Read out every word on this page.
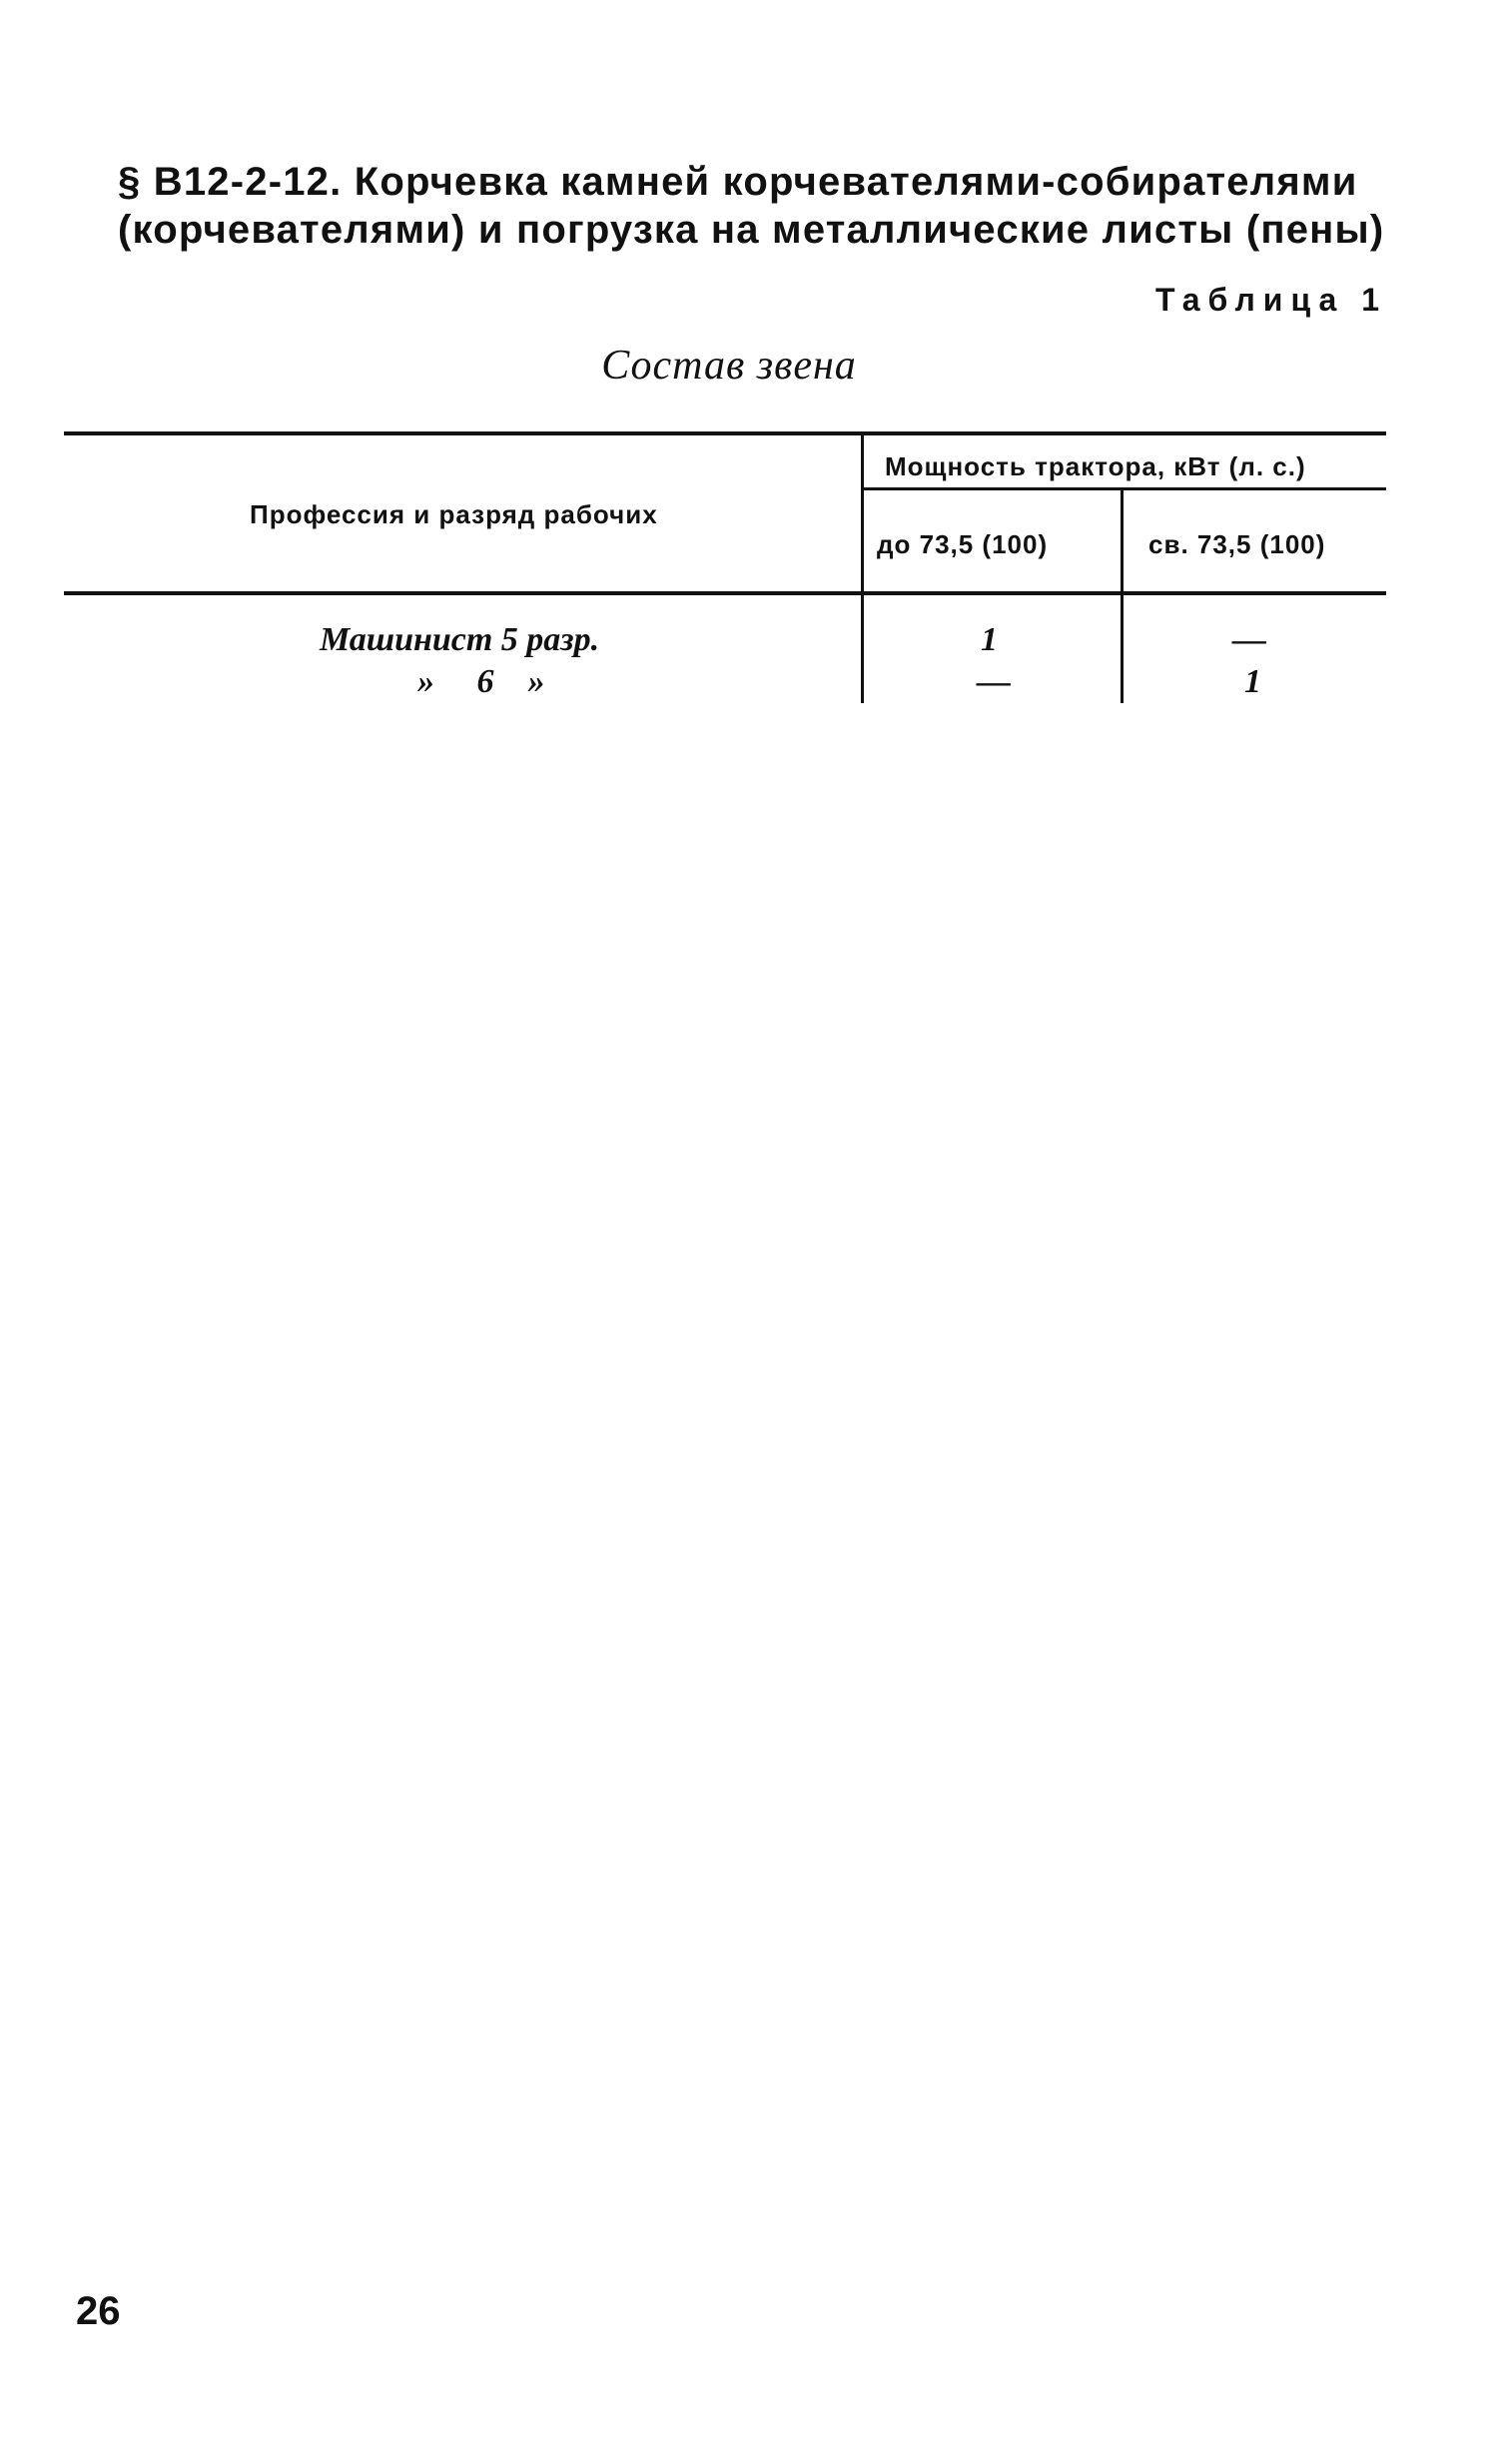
§ В12-2-12. Корчевка камней корчевателями-собирателями
(корчевателями) и погрузка на металлические листы (пены)
Таблица 1
Состав звена
Профессия и разряд рабочих
Мощность трактора, кВт (л. с.)
до 73,5 (100)	св. 73,5 (100)
Машинист 5 разр.	1	—
»     6    »	—	1
26
